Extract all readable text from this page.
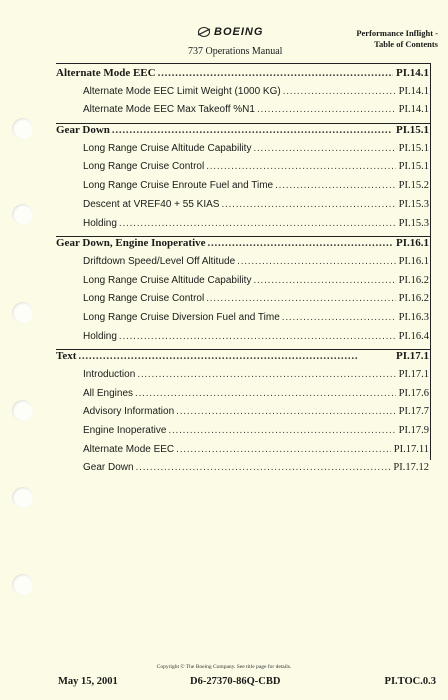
BOEING
737 Operations Manual
Performance Inflight -
Table of Contents
Alternate Mode EEC . . .	PI.14.1
Alternate Mode EEC Limit Weight (1000 KG) . . .	PI.14.1
Alternate Mode EEC Max Takeoff %N1 . . .	PI.14.1
Gear Down . . .	PI.15.1
Long Range Cruise Altitude Capability . . .	PI.15.1
Long Range Cruise Control . . .	PI.15.1
Long Range Cruise Enroute Fuel and Time . . .	PI.15.2
Descent at VREF40 + 55 KIAS . . .	PI.15.3
Holding . . .	PI.15.3
Gear Down, Engine Inoperative . . .	PI.16.1
Driftdown Speed/Level Off Altitude . . .	PI.16.1
Long Range Cruise Altitude Capability . . .	PI.16.2
Long Range Cruise Control . . .	PI.16.2
Long Range Cruise Diversion Fuel and Time . . .	PI.16.3
Holding . . .	PI.16.4
Text . . .	PI.17.1
Introduction . . .	PI.17.1
All Engines . . .	PI.17.6
Advisory Information . . .	PI.17.7
Engine Inoperative . . .	PI.17.9
Alternate Mode EEC . . .	PI.17.11
Gear Down . . .	PI.17.12
Copyright © The Boeing Company. See title page for details.
May 15, 2001	D6-27370-86Q-CBD	PI.TOC.0.3
